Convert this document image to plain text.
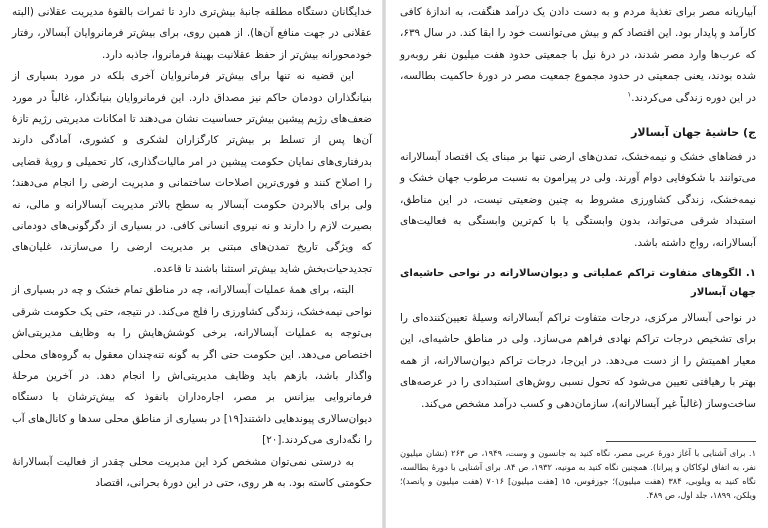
خدایگانان دستگاه مطلقه جانبهٔ بیش‌تری دارد تا ثمرات بالقوهٔ مدیریت عقلانی (البته عقلانی در جهت منافع آن‌ها). از همین روی، برای بیش‌تر فرمانروایان آبسالار، رفتار خودمحورانه بیش‌تر از حفظ عقلانیت بهینهٔ فرمانروا، جاذبه دارد.

این قضیه نه تنها برای بیش‌تر فرمانروایان آخری بلکه در مورد بسیاری از بنیانگذاران دودمان حاکم نیز مصداق دارد. این فرمانروایان بنیانگذار، غالباً در مورد ضعف‌های رژیم پیشین بیش‌تر حساسیت نشان می‌دهند تا امکانات مدیریتی رژیم تازهٔ آن‌ها پس از تسلط بر بیش‌تر کارگزاران لشکری و کشوری، آمادگی دارند بدرفتاری‌های نمایان حکومت پیشین در امر مالیات‌گذاری، کار تحمیلی و رویهٔ قضایی را اصلاح کنند و فوری‌ترین اصلاحات ساختمانی و مدیریت ارضی را انجام می‌دهند؛ ولی برای بالابردن حکومت آبسالار به سطح بالاتر مدیریت آبسالارانه و مالی، نه بصیرت لازم را دارند و نه نیروی انسانی کافی. در بسیاری از دگرگونی‌های دودمانی که ویژگی تاریخ تمدن‌های مبتنی بر مدیریت ارضی را می‌سازند، غلیان‌های تجدیدحیات‌بخش شاید بیش‌تر استثنا باشند تا قاعده.

البته، برای همهٔ عملیات آبسالارانه، چه در مناطق تمام خشک و چه در بسیاری از نواحی نیمه‌خشک، زندگی کشاورزی را فلج می‌کند. در نتیجه، حتی یک حکومت شرقی بی‌توجه به عملیات آبسالارانه، برخی کوشش‌هایش را به وظایف مدیریتی‌اش اختصاص می‌دهد. این حکومت حتی اگر به گونه‌ تنه‌چندان معقول به گروه‌های محلی واگذار باشد، بازهم باید وظایف مدیریتی‌اش را انجام دهد. در آخرین مرحلهٔ فرمانروایی بیزانس بر مصر، اجاره‌داران بانفوذ که بیش‌ترشان با دستگاه دیوان‌سالاری پیوندهایی داشتند[۱۹] در بسیاری از مناطق محلی سدها و کانال‌های آب را نگه‌داری می‌کردند.[۲۰]

به درستی نمی‌توان مشخص کرد این مدیریت محلی چقدر از فعالیت آبسالارانهٔ حکومتی کاسته بود. به هر روی، حتی در این دورهٔ بحرانی، اقتصاد

آبیاریانه مصر برای تغذیهٔ مردم و به دست دادن یک درآمد هنگفت، به اندازهٔ کافی کارآمد و پایدار بود. این اقتصاد کم و بیش می‌توانست خود را ابقا کند. در سال ۶۳۹، که عرب‌ها وارد مصر شدند، در درهٔ نیل با جمعیتی حدود هفت میلیون نفر روبه‌رو شده بودند، یعنی جمعیتی در حدود مجموع جمعیت مصر در دورهٔ حاکمیت بطالسه، در این دوره زندگی می‌کردند.$^۱$

ج) حاشیهٔ جهان آبسالار

در فضاهای خشک و نیمه‌خشک، تمدن‌های ارضی تنها بر مبنای یک اقتصاد آبسالارانه می‌توانند با شکوفایی دوام آورند. ولی در پیرامون به نسبت مرطوب جهان خشک و نیمه‌خشک، زندگی کشاورزی مشروط به چنین وضعیتی نیست، در این مناطق، استبداد شرقی می‌تواند، بدون وابستگی یا با کم‌ترین وابستگی به فعالیت‌های آبسالارانه، رواج داشته باشد.

۱. الگوهای متفاوت تراکم عملیاتی و دیوان‌سالارانه در نواحی حاشیه‌ای جهان آبسالار

در نواحی آبسالار مرکزی، درجات متفاوت تراکم آبسالارانه وسیلهٔ تعیین‌کننده‌ای را برای تشخیص درجات تراکم نهادی فراهم می‌سازد. ولی در مناطق حاشیه‌ای، این معیار اهمیتش را از دست می‌دهد. در این‌جا، درجات تراکم دیوان‌سالارانه، از همه بهتر با رهیافتی تعیین می‌شود که تحول نسبی روش‌های استبدادی را در عرصه‌های ساخت‌وساز (غالباً غیر آبسالارانه)، سازمان‌دهی و کسب درآمد مشخص می‌کند.

۱. برای آشنایی با آغاز دورهٔ عربی مصر، نگاه کنید به جانسون و وست، ۱۹۴۹، ص ۲۶۳ (نشان میلیون نفر، به اتفاق لوکاکان و پیرانا). همچنین نگاه کنید به مونیه، ۱۹۳۲، ص ۸۴. برای آشنایی با دورهٔ بطالسه، نگاه کنید به ویلوبی، ۳۸۴ (هفت میلیون)؛ جوزفوس، ۱۵ [هفت میلیون] ۷۰۱۶ (هفت میلیون و پانصد)؛ ویلکن، ۱۸۹۹، جلد اول، ص ۴۸۹.
